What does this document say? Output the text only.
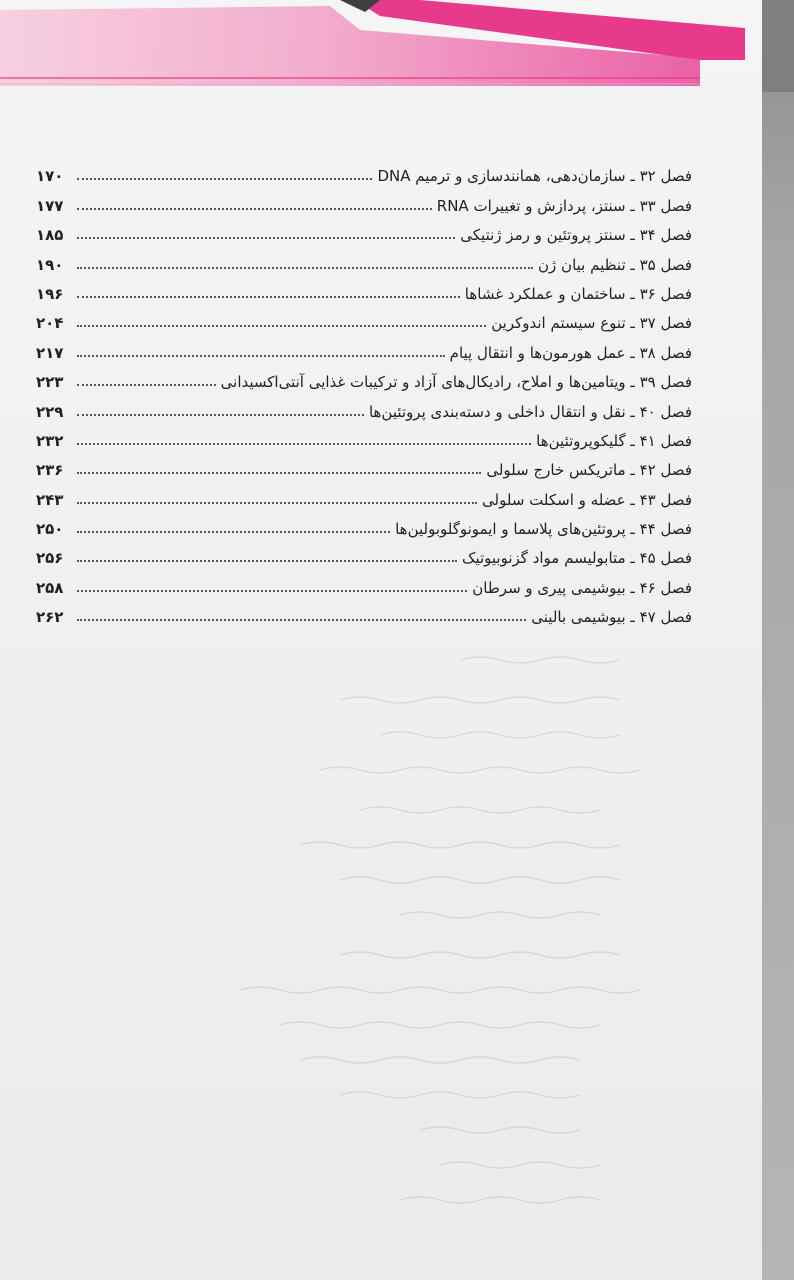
فصل ۳۲ ـ سازمان‌دهی، همانندسازی و ترمیم DNA
۱۷۰
فصل ۳۳ ـ سنتز، پردازش و تغییرات RNA
۱۷۷
فصل ۳۴ ـ سنتز پروتئین و رمز ژنتیکی
۱۸۵
فصل ۳۵ ـ تنظیم بیان ژن
۱۹۰
فصل ۳۶ ـ ساختمان و عملکرد غشاها
۱۹۶
فصل ۳۷ ـ تنوع سیستم اندوکرین
۲۰۴
فصل ۳۸ ـ عمل هورمون‌ها و انتقال پیام
۲۱۷
فصل ۳۹ ـ ویتامین‌ها و املاح، رادیکال‌های آزاد و ترکیبات غذایی آنتی‌اکسیدانی
۲۲۳
فصل ۴۰ ـ نقل و انتقال داخلی و دسته‌بندی پروتئین‌ها
۲۲۹
فصل ۴۱ ـ گلیکوپروتئین‌ها
۲۳۲
فصل ۴۲ ـ ماتریکس خارج سلولی
۲۳۶
فصل ۴۳ ـ عضله و اسکلت سلولی
۲۴۳
فصل ۴۴ ـ پروتئین‌های پلاسما و ایمونوگلوبولین‌ها
۲۵۰
فصل ۴۵ ـ متابولیسم مواد گزنوبیوتیک
۲۵۶
فصل ۴۶ ـ بیوشیمی پیری و سرطان
۲۵۸
فصل ۴۷ ـ بیوشیمی بالینی
۲۶۲
